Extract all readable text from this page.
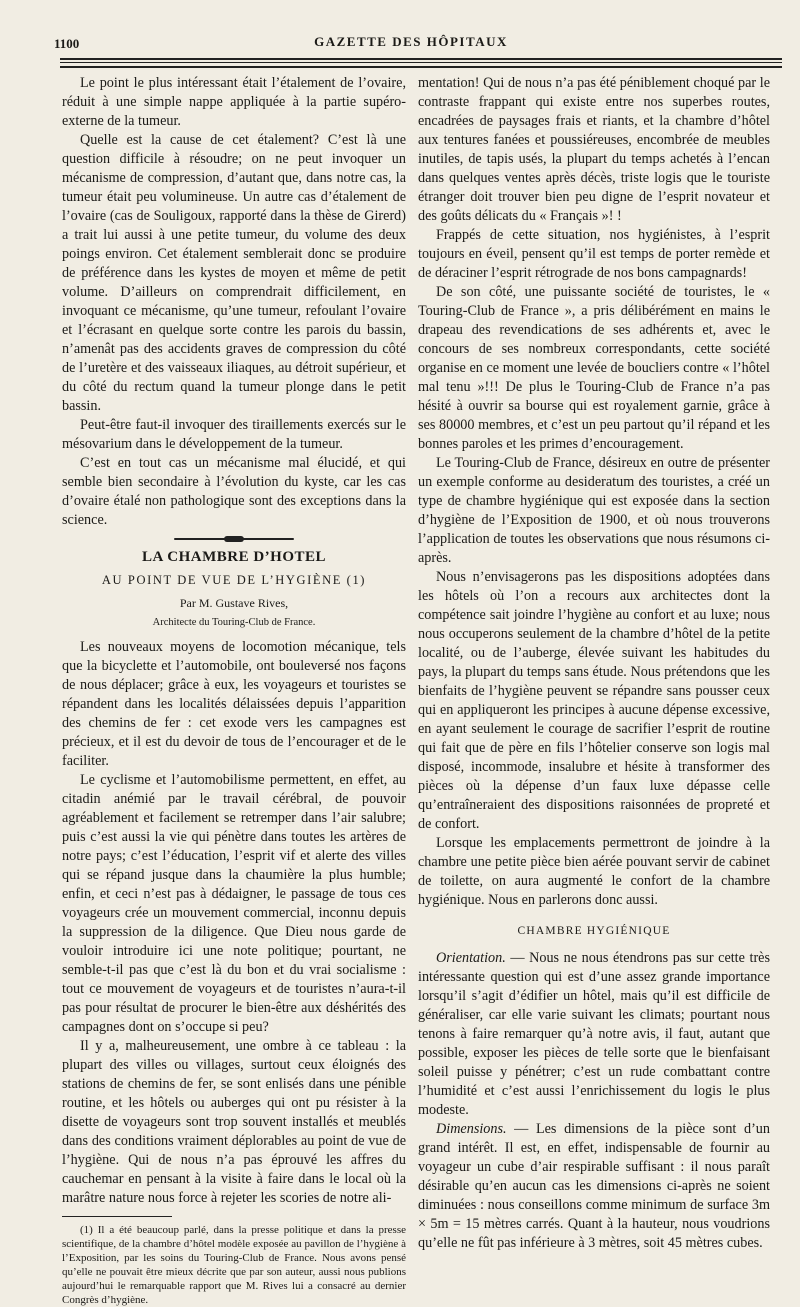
1100	GAZETTE DES HÔPITAUX

Le point le plus intéressant était l’étalement de l’ovaire, réduit à une simple nappe appliquée à la partie supéro-externe de la tumeur.

Quelle est la cause de cet étalement? C’est là une question difficile à résoudre; on ne peut invoquer un mécanisme de compression, d’autant que, dans notre cas, la tumeur était peu volumineuse. Un autre cas d’étalement de l’ovaire (cas de Souligoux, rapporté dans la thèse de Girerd) a trait lui aussi à une petite tumeur, du volume des deux poings environ. Cet étalement semblerait donc se produire de préférence dans les kystes de moyen et même de petit volume. D’ailleurs on comprendrait difficilement, en invoquant ce mécanisme, qu’une tumeur, refoulant l’ovaire et l’écrasant en quelque sorte contre les parois du bassin, n’amenât pas des accidents graves de compression du côté de l’uretère et des vaisseaux iliaques, au détroit supérieur, et du côté du rectum quand la tumeur plonge dans le petit bassin.

Peut-être faut-il invoquer des tiraillements exercés sur le mésovarium dans le développement de la tumeur.

C’est en tout cas un mécanisme mal élucidé, et qui semble bien secondaire à l’évolution du kyste, car les cas d’ovaire étalé non pathologique sont des exceptions dans la science.

LA CHAMBRE D’HOTEL
AU POINT DE VUE DE L’HYGIÈNE (1)
Par M. Gustave Rives,
Architecte du Touring-Club de France.

Les nouveaux moyens de locomotion mécanique, tels que la bicyclette et l’automobile, ont bouleversé nos façons de nous déplacer; grâce à eux, les voyageurs et touristes se répandent dans les localités délaissées depuis l’apparition des chemins de fer : cet exode vers les campagnes est précieux, et il est du devoir de tous de l’encourager et de le faciliter.

Le cyclisme et l’automobilisme permettent, en effet, au citadin anémié par le travail cérébral, de pouvoir agréablement et facilement se retremper dans l’air salubre; puis c’est aussi la vie qui pénètre dans toutes les artères de notre pays; c’est l’éducation, l’esprit vif et alerte des villes qui se répand jusque dans la chaumière la plus humble; enfin, et ceci n’est pas à dédaigner, le passage de tous ces voyageurs crée un mouvement commercial, inconnu depuis la suppression de la diligence. Que Dieu nous garde de vouloir introduire ici une note politique; pourtant, ne semble-t-il pas que c’est là du bon et du vrai socialisme : tout ce mouvement de voyageurs et de touristes n’aura-t-il pas pour résultat de procurer le bien-être aux déshérités des campagnes dont on s’occupe si peu?

Il y a, malheureusement, une ombre à ce tableau : la plupart des villes ou villages, surtout ceux éloignés des stations de chemins de fer, se sont enlisés dans une pénible routine, et les hôtels ou auberges qui ont pu résister à la disette de voyageurs sont trop souvent installés et meublés dans des conditions vraiment déplorables au point de vue de l’hygiène. Qui de nous n’a pas éprouvé les affres du cauchemar en pensant à la visite à faire dans le local où la marâtre nature nous force à rejeter les scories de notre ali-

(1) Il a été beaucoup parlé, dans la presse politique et dans la presse scientifique, de la chambre d’hôtel modèle exposée au pavillon de l’hygiène à l’Exposition, par les soins du Touring-Club de France. Nous avons pensé qu’elle ne pouvait être mieux décrite que par son auteur, aussi nous publions aujourd’hui le remarquable rapport que M. Rives lui a consacré au dernier Congrès d’hygiène.

mentation! Qui de nous n’a pas été péniblement choqué par le contraste frappant qui existe entre nos superbes routes, encadrées de paysages frais et riants, et la chambre d’hôtel aux tentures fanées et poussiéreuses, encombrée de meubles inutiles, de tapis usés, la plupart du temps achetés à l’encan dans quelques ventes après décès, triste logis que le touriste étranger doit trouver bien peu digne de l’esprit novateur et des goûts délicats du « Français »! !

Frappés de cette situation, nos hygiénistes, à l’esprit toujours en éveil, pensent qu’il est temps de porter remède et de déraciner l’esprit rétrograde de nos bons campagnards!

De son côté, une puissante société de touristes, le « Touring-Club de France », a pris délibérément en mains le drapeau des revendications de ses adhérents et, avec le concours de ses nombreux correspondants, cette société organise en ce moment une levée de boucliers contre « l’hôtel mal tenu »!!! De plus le Touring-Club de France n’a pas hésité à ouvrir sa bourse qui est royalement garnie, grâce à ses 80000 membres, et c’est un peu partout qu’il répand et les bonnes paroles et les primes d’encouragement.

Le Touring-Club de France, désireux en outre de présenter un exemple conforme au desideratum des touristes, a créé un type de chambre hygiénique qui est exposée dans la section d’hygiène de l’Exposition de 1900, et où nous trouverons l’application de toutes les observations que nous résumons ci-après.

Nous n’envisagerons pas les dispositions adoptées dans les hôtels où l’on a recours aux architectes dont la compétence sait joindre l’hygiène au confort et au luxe; nous nous occuperons seulement de la chambre d’hôtel de la petite localité, ou de l’auberge, élevée suivant les habitudes du pays, la plupart du temps sans étude. Nous prétendons que les bienfaits de l’hygiène peuvent se répandre sans pousser ceux qui en appliqueront les principes à aucune dépense excessive, en ayant seulement le courage de sacrifier l’esprit de routine qui fait que de père en fils l’hôtelier conserve son logis mal disposé, incommode, insalubre et hésite à transformer des pièces où la dépense d’un faux luxe dépasse celle qu’entraîneraient des dispositions raisonnées de propreté et de confort.

Lorsque les emplacements permettront de joindre à la chambre une petite pièce bien aérée pouvant servir de cabinet de toilette, on aura augmenté le confort de la chambre hygiénique. Nous en parlerons donc aussi.

CHAMBRE HYGIÉNIQUE

Orientation. — Nous ne nous étendrons pas sur cette très intéressante question qui est d’une assez grande importance lorsqu’il s’agit d’édifier un hôtel, mais qu’il est difficile de généraliser, car elle varie suivant les climats; pourtant nous tenons à faire remarquer qu’à notre avis, il faut, autant que possible, exposer les pièces de telle sorte que le bienfaisant soleil puisse y pénétrer; c’est un rude combattant contre l’humidité et c’est aussi l’enrichissement du logis le plus modeste.

Dimensions. — Les dimensions de la pièce sont d’un grand intérêt. Il est, en effet, indispensable de fournir au voyageur un cube d’air respirable suffisant : il nous paraît désirable qu’en aucun cas les dimensions ci-après ne soient diminuées : nous conseillons comme minimum de surface 3m × 5m = 15 mètres carrés. Quant à la hauteur, nous voudrions qu’elle ne fût pas inférieure à 3 mètres, soit 45 mètres cubes.
